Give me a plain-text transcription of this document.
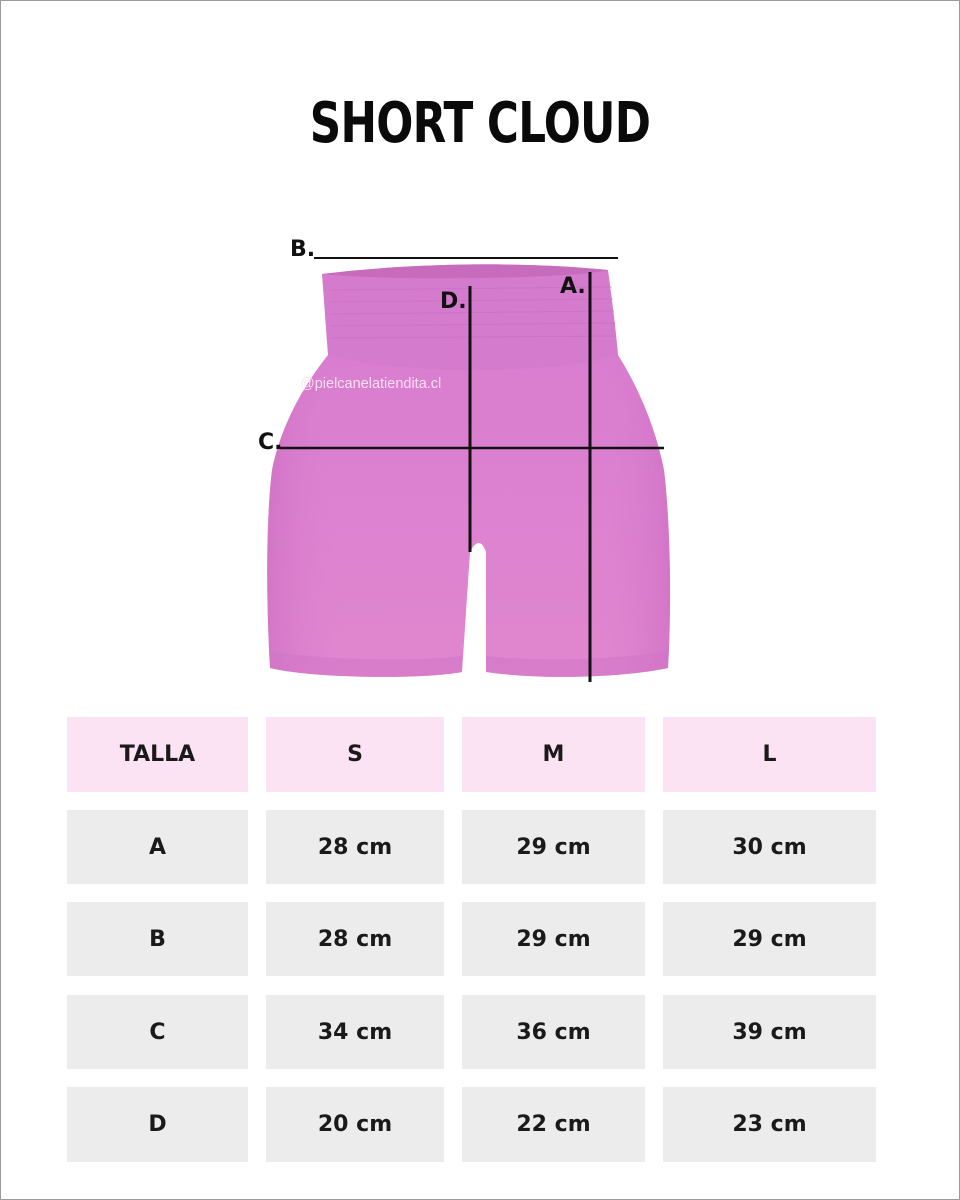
SHORT CLOUD
@pielcanelatiendita.cl
B.
C.
D.
A.
TALLA	S	M	L
A	28 cm	29 cm	30 cm
B	28 cm	29 cm	29 cm
C	34 cm	36 cm	39 cm
D	20 cm	22 cm	23 cm
